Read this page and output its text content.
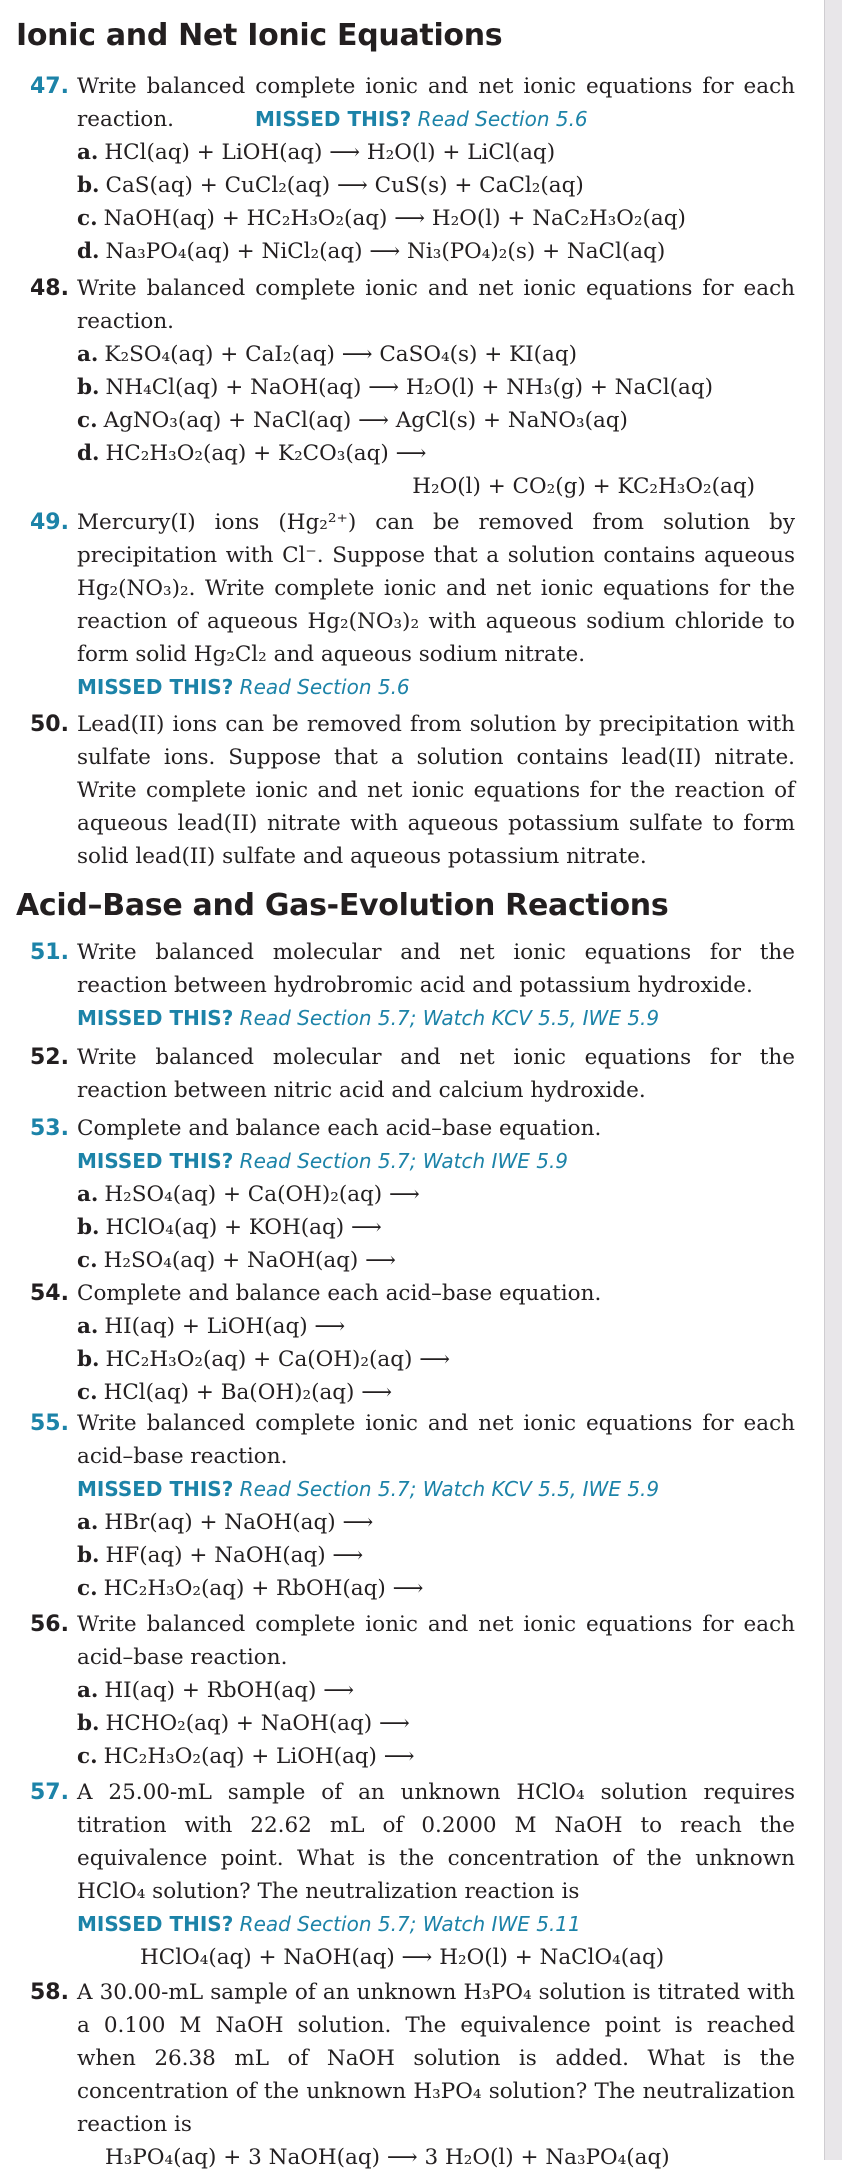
Ionic and Net Ionic Equations
47. Write balanced complete ionic and net ionic equations for each reaction.	MISSED THIS? Read Section 5.6
a. HCl(aq) + LiOH(aq) ⟶ H₂O(l) + LiCl(aq)
b. CaS(aq) + CuCl₂(aq) ⟶ CuS(s) + CaCl₂(aq)
c. NaOH(aq) + HC₂H₃O₂(aq) ⟶ H₂O(l) + NaC₂H₃O₂(aq)
d. Na₃PO₄(aq) + NiCl₂(aq) ⟶ Ni₃(PO₄)₂(s) + NaCl(aq)
48. Write balanced complete ionic and net ionic equations for each reaction.
a. K₂SO₄(aq) + CaI₂(aq) ⟶ CaSO₄(s) + KI(aq)
b. NH₄Cl(aq) + NaOH(aq) ⟶ H₂O(l) + NH₃(g) + NaCl(aq)
c. AgNO₃(aq) + NaCl(aq) ⟶ AgCl(s) + NaNO₃(aq)
d. HC₂H₃O₂(aq) + K₂CO₃(aq) ⟶
H₂O(l) + CO₂(g) + KC₂H₃O₂(aq)
49. Mercury(I) ions (Hg₂²⁺) can be removed from solution by precipitation with Cl⁻. Suppose that a solution contains aqueous Hg₂(NO₃)₂. Write complete ionic and net ionic equations for the reaction of aqueous Hg₂(NO₃)₂ with aqueous sodium chloride to form solid Hg₂Cl₂ and aqueous sodium nitrate.
MISSED THIS? Read Section 5.6
50. Lead(II) ions can be removed from solution by precipitation with sulfate ions. Suppose that a solution contains lead(II) nitrate. Write complete ionic and net ionic equations for the reaction of aqueous lead(II) nitrate with aqueous potassium sulfate to form solid lead(II) sulfate and aqueous potassium nitrate.
Acid–Base and Gas-Evolution Reactions
51. Write balanced molecular and net ionic equations for the reaction between hydrobromic acid and potassium hydroxide.
MISSED THIS? Read Section 5.7; Watch KCV 5.5, IWE 5.9
52. Write balanced molecular and net ionic equations for the reaction between nitric acid and calcium hydroxide.
53. Complete and balance each acid–base equation.
MISSED THIS? Read Section 5.7; Watch IWE 5.9
a. H₂SO₄(aq) + Ca(OH)₂(aq) ⟶
b. HClO₄(aq) + KOH(aq) ⟶
c. H₂SO₄(aq) + NaOH(aq) ⟶
54. Complete and balance each acid–base equation.
a. HI(aq) + LiOH(aq) ⟶
b. HC₂H₃O₂(aq) + Ca(OH)₂(aq) ⟶
c. HCl(aq) + Ba(OH)₂(aq) ⟶
55. Write balanced complete ionic and net ionic equations for each acid–base reaction.
MISSED THIS? Read Section 5.7; Watch KCV 5.5, IWE 5.9
a. HBr(aq) + NaOH(aq) ⟶
b. HF(aq) + NaOH(aq) ⟶
c. HC₂H₃O₂(aq) + RbOH(aq) ⟶
56. Write balanced complete ionic and net ionic equations for each acid–base reaction.
a. HI(aq) + RbOH(aq) ⟶
b. HCHO₂(aq) + NaOH(aq) ⟶
c. HC₂H₃O₂(aq) + LiOH(aq) ⟶
57. A 25.00-mL sample of an unknown HClO₄ solution requires titration with 22.62 mL of 0.2000 M NaOH to reach the equivalence point. What is the concentration of the unknown HClO₄ solution? The neutralization reaction is
MISSED THIS? Read Section 5.7; Watch IWE 5.11
HClO₄(aq) + NaOH(aq) ⟶ H₂O(l) + NaClO₄(aq)
58. A 30.00-mL sample of an unknown H₃PO₄ solution is titrated with a 0.100 M NaOH solution. The equivalence point is reached when 26.38 mL of NaOH solution is added. What is the concentration of the unknown H₃PO₄ solution? The neutralization reaction is
H₃PO₄(aq) + 3 NaOH(aq) ⟶ 3 H₂O(l) + Na₃PO₄(aq)
